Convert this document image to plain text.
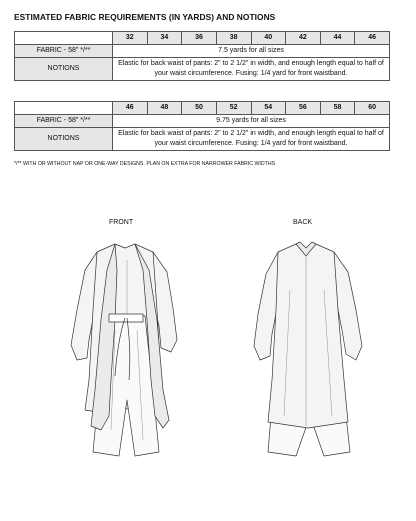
ESTIMATED FABRIC REQUIREMENTS (IN YARDS) AND NOTIONS
	32	34	36	38	40	42	44	46
FABRIC - 58" */**	7.5 yards for all sizes							
NOTIONS	Elastic for back waist of pants: 2" to 2 1/2" in width, and enough length equal to half of your waist circumference. Fusing: 1/4 yard for front waistband.							
	46	48	50	52	54	56	58	60
FABRIC - 58" */**	9.75 yards for all sizes							
NOTIONS	Elastic for back waist of pants: 2" to 2 1/2" in width, and enough length equal to half of your waist circumference. Fusing: 1/4 yard for front waistband.							
*/** WITH OR WITHOUT NAP OR ONE-WAY DESIGNS. PLAN ON EXTRA FOR NARROWER FABRIC WIDTHS
FRONT	BACK
